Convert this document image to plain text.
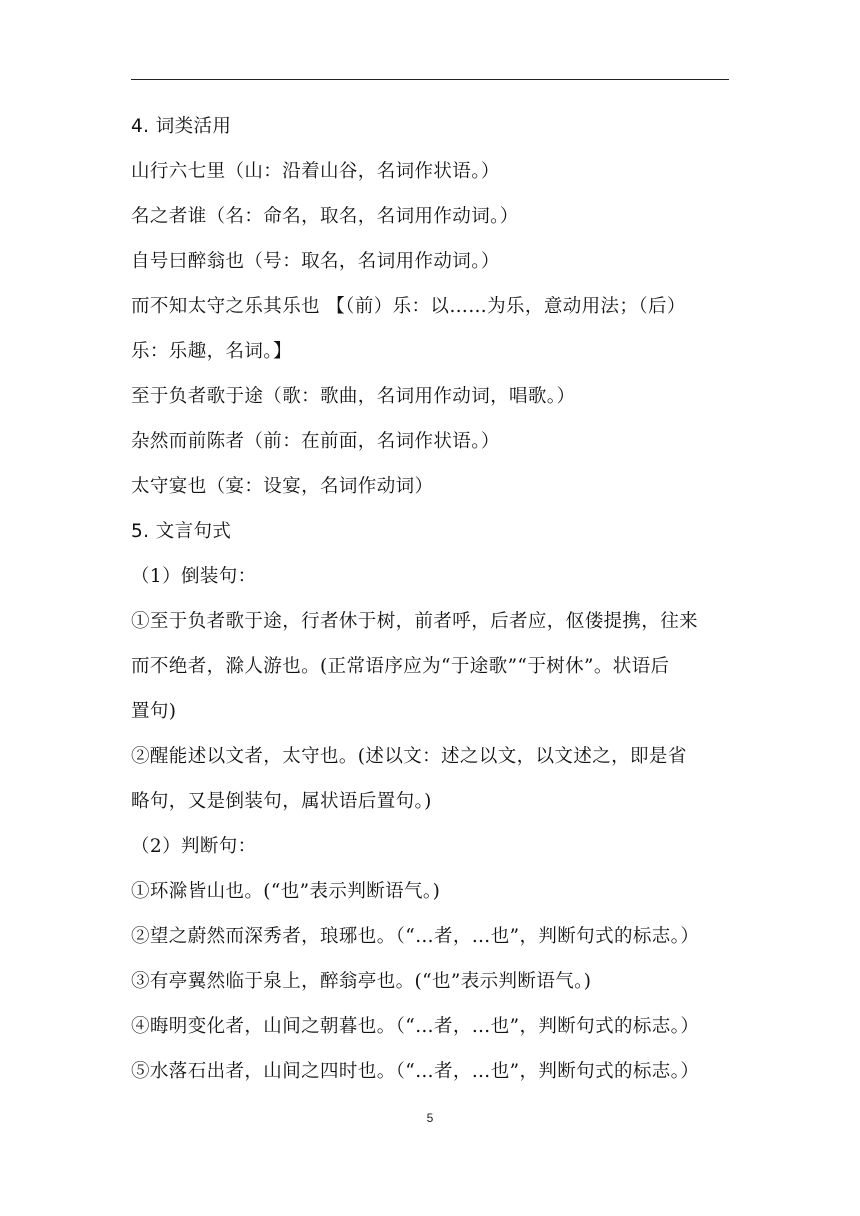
4. 词类活用
山行六七里（山：沿着山谷，名词作状语。）
名之者谁（名：命名，取名，名词用作动词。）
自号曰醉翁也（号：取名，名词用作动词。）
而不知太守之乐其乐也 【（前）乐：以……为乐，意动用法；（后）
乐：乐趣，名词。】
至于负者歌于途（歌：歌曲，名词用作动词，唱歌。）
杂然而前陈者（前：在前面，名词作状语。）
太守宴也（宴：设宴，名词作动词）
5. 文言句式
（1）倒装句：
①至于负者歌于途，行者休于树，前者呼，后者应，伛偻提携，往来
而不绝者，滁人游也。(正常语序应为“于途歌”“于树休”。状语后
置句)
②醒能述以文者，太守也。(述以文：述之以文，以文述之，即是省
略句，又是倒装句，属状语后置句。)
（2）判断句：
①环滁皆山也。(“也”表示判断语气。)
②望之蔚然而深秀者，琅琊也。（“…者，…也”，判断句式的标志。）
③有亭翼然临于泉上，醉翁亭也。(“也”表示判断语气。)
④晦明变化者，山间之朝暮也。（“…者，…也”，判断句式的标志。）
⑤水落石出者，山间之四时也。（“…者，…也”，判断句式的标志。）
5
